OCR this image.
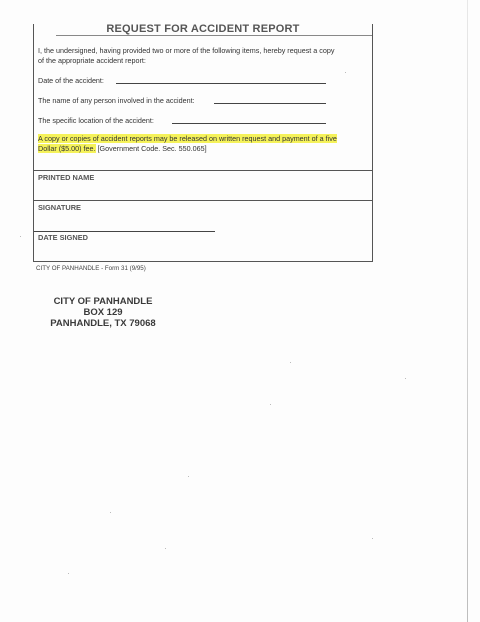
REQUEST FOR ACCIDENT REPORT
I, the undersigned, having provided two or more of the following items, hereby request a copy of the appropriate accident report:
Date of the accident:
The name of any person involved in the accident:
The specific location of the accident:
A copy or copies of accident reports may be released on written request and payment of a five Dollar ($5.00) fee. [Government Code. Sec. 550.065]
PRINTED NAME
SIGNATURE
DATE SIGNED
CITY OF PANHANDLE - Form 31 (9/95)
CITY OF PANHANDLE
BOX 129
PANHANDLE, TX 79068
